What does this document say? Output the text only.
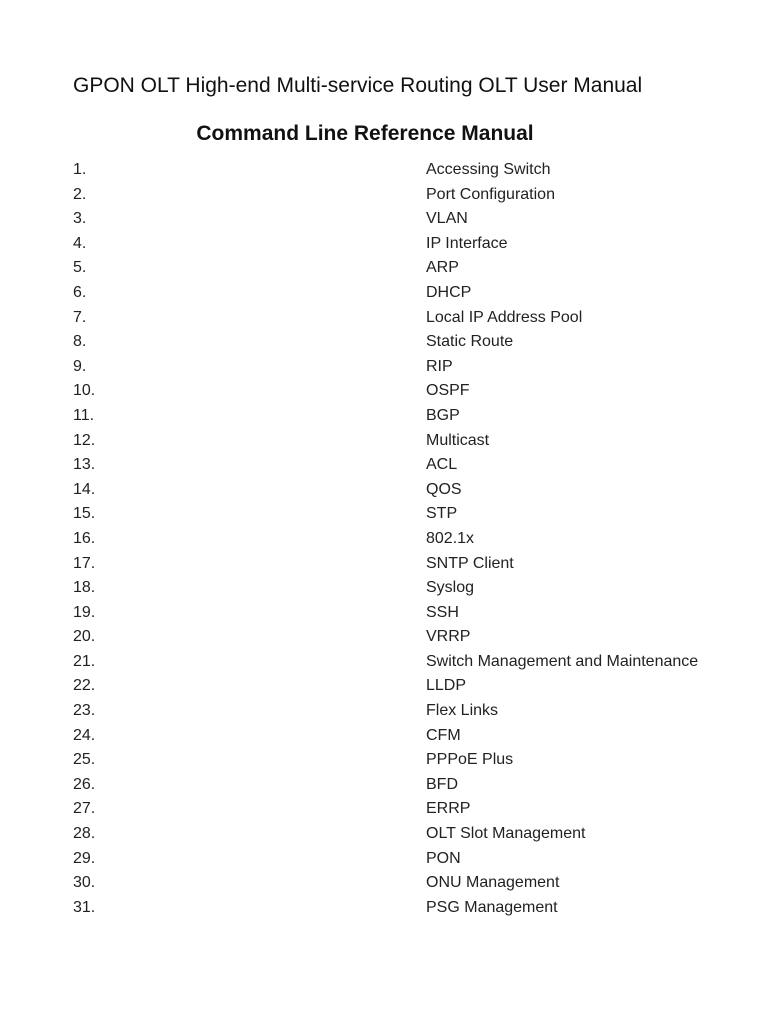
GPON OLT High-end Multi-service Routing OLT User Manual
Command Line Reference Manual
1.	Accessing Switch
2.	Port Configuration
3.	VLAN
4.	IP Interface
5.	ARP
6.	DHCP
7.	Local IP Address Pool
8.	Static Route
9.	RIP
10.	OSPF
11.	BGP
12.	Multicast
13.	ACL
14.	QOS
15.	STP
16.	802.1x
17.	SNTP Client
18.	Syslog
19.	SSH
20.	VRRP
21.	Switch Management and Maintenance
22.	LLDP
23.	Flex Links
24.	CFM
25.	PPPoE Plus
26.	BFD
27.	ERRP
28.	OLT Slot Management
29.	PON
30.	ONU Management
31.	PSG Management
